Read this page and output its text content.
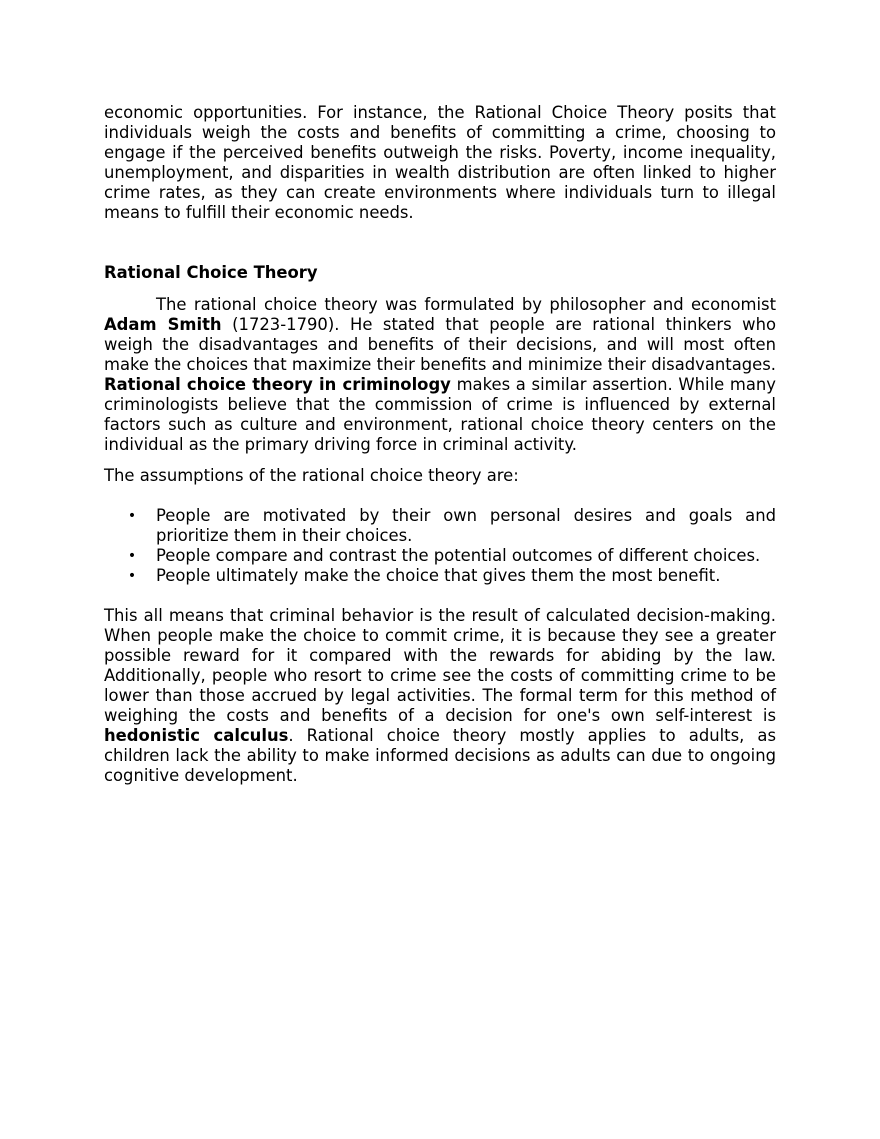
economic opportunities. For instance, the Rational Choice Theory posits that individuals weigh the costs and benefits of committing a crime, choosing to engage if the perceived benefits outweigh the risks. Poverty, income inequality, unemployment, and disparities in wealth distribution are often linked to higher crime rates, as they can create environments where individuals turn to illegal means to fulfill their economic needs.

Rational Choice Theory

The rational choice theory was formulated by philosopher and economist Adam Smith (1723-1790). He stated that people are rational thinkers who weigh the disadvantages and benefits of their decisions, and will most often make the choices that maximize their benefits and minimize their disadvantages. Rational choice theory in criminology makes a similar assertion. While many criminologists believe that the commission of crime is influenced by external factors such as culture and environment, rational choice theory centers on the individual as the primary driving force in criminal activity.

The assumptions of the rational choice theory are:

• People are motivated by their own personal desires and goals and prioritize them in their choices.
• People compare and contrast the potential outcomes of different choices.
• People ultimately make the choice that gives them the most benefit.

This all means that criminal behavior is the result of calculated decision-making. When people make the choice to commit crime, it is because they see a greater possible reward for it compared with the rewards for abiding by the law. Additionally, people who resort to crime see the costs of committing crime to be lower than those accrued by legal activities. The formal term for this method of weighing the costs and benefits of a decision for one's own self-interest is hedonistic calculus. Rational choice theory mostly applies to adults, as children lack the ability to make informed decisions as adults can due to ongoing cognitive development.
